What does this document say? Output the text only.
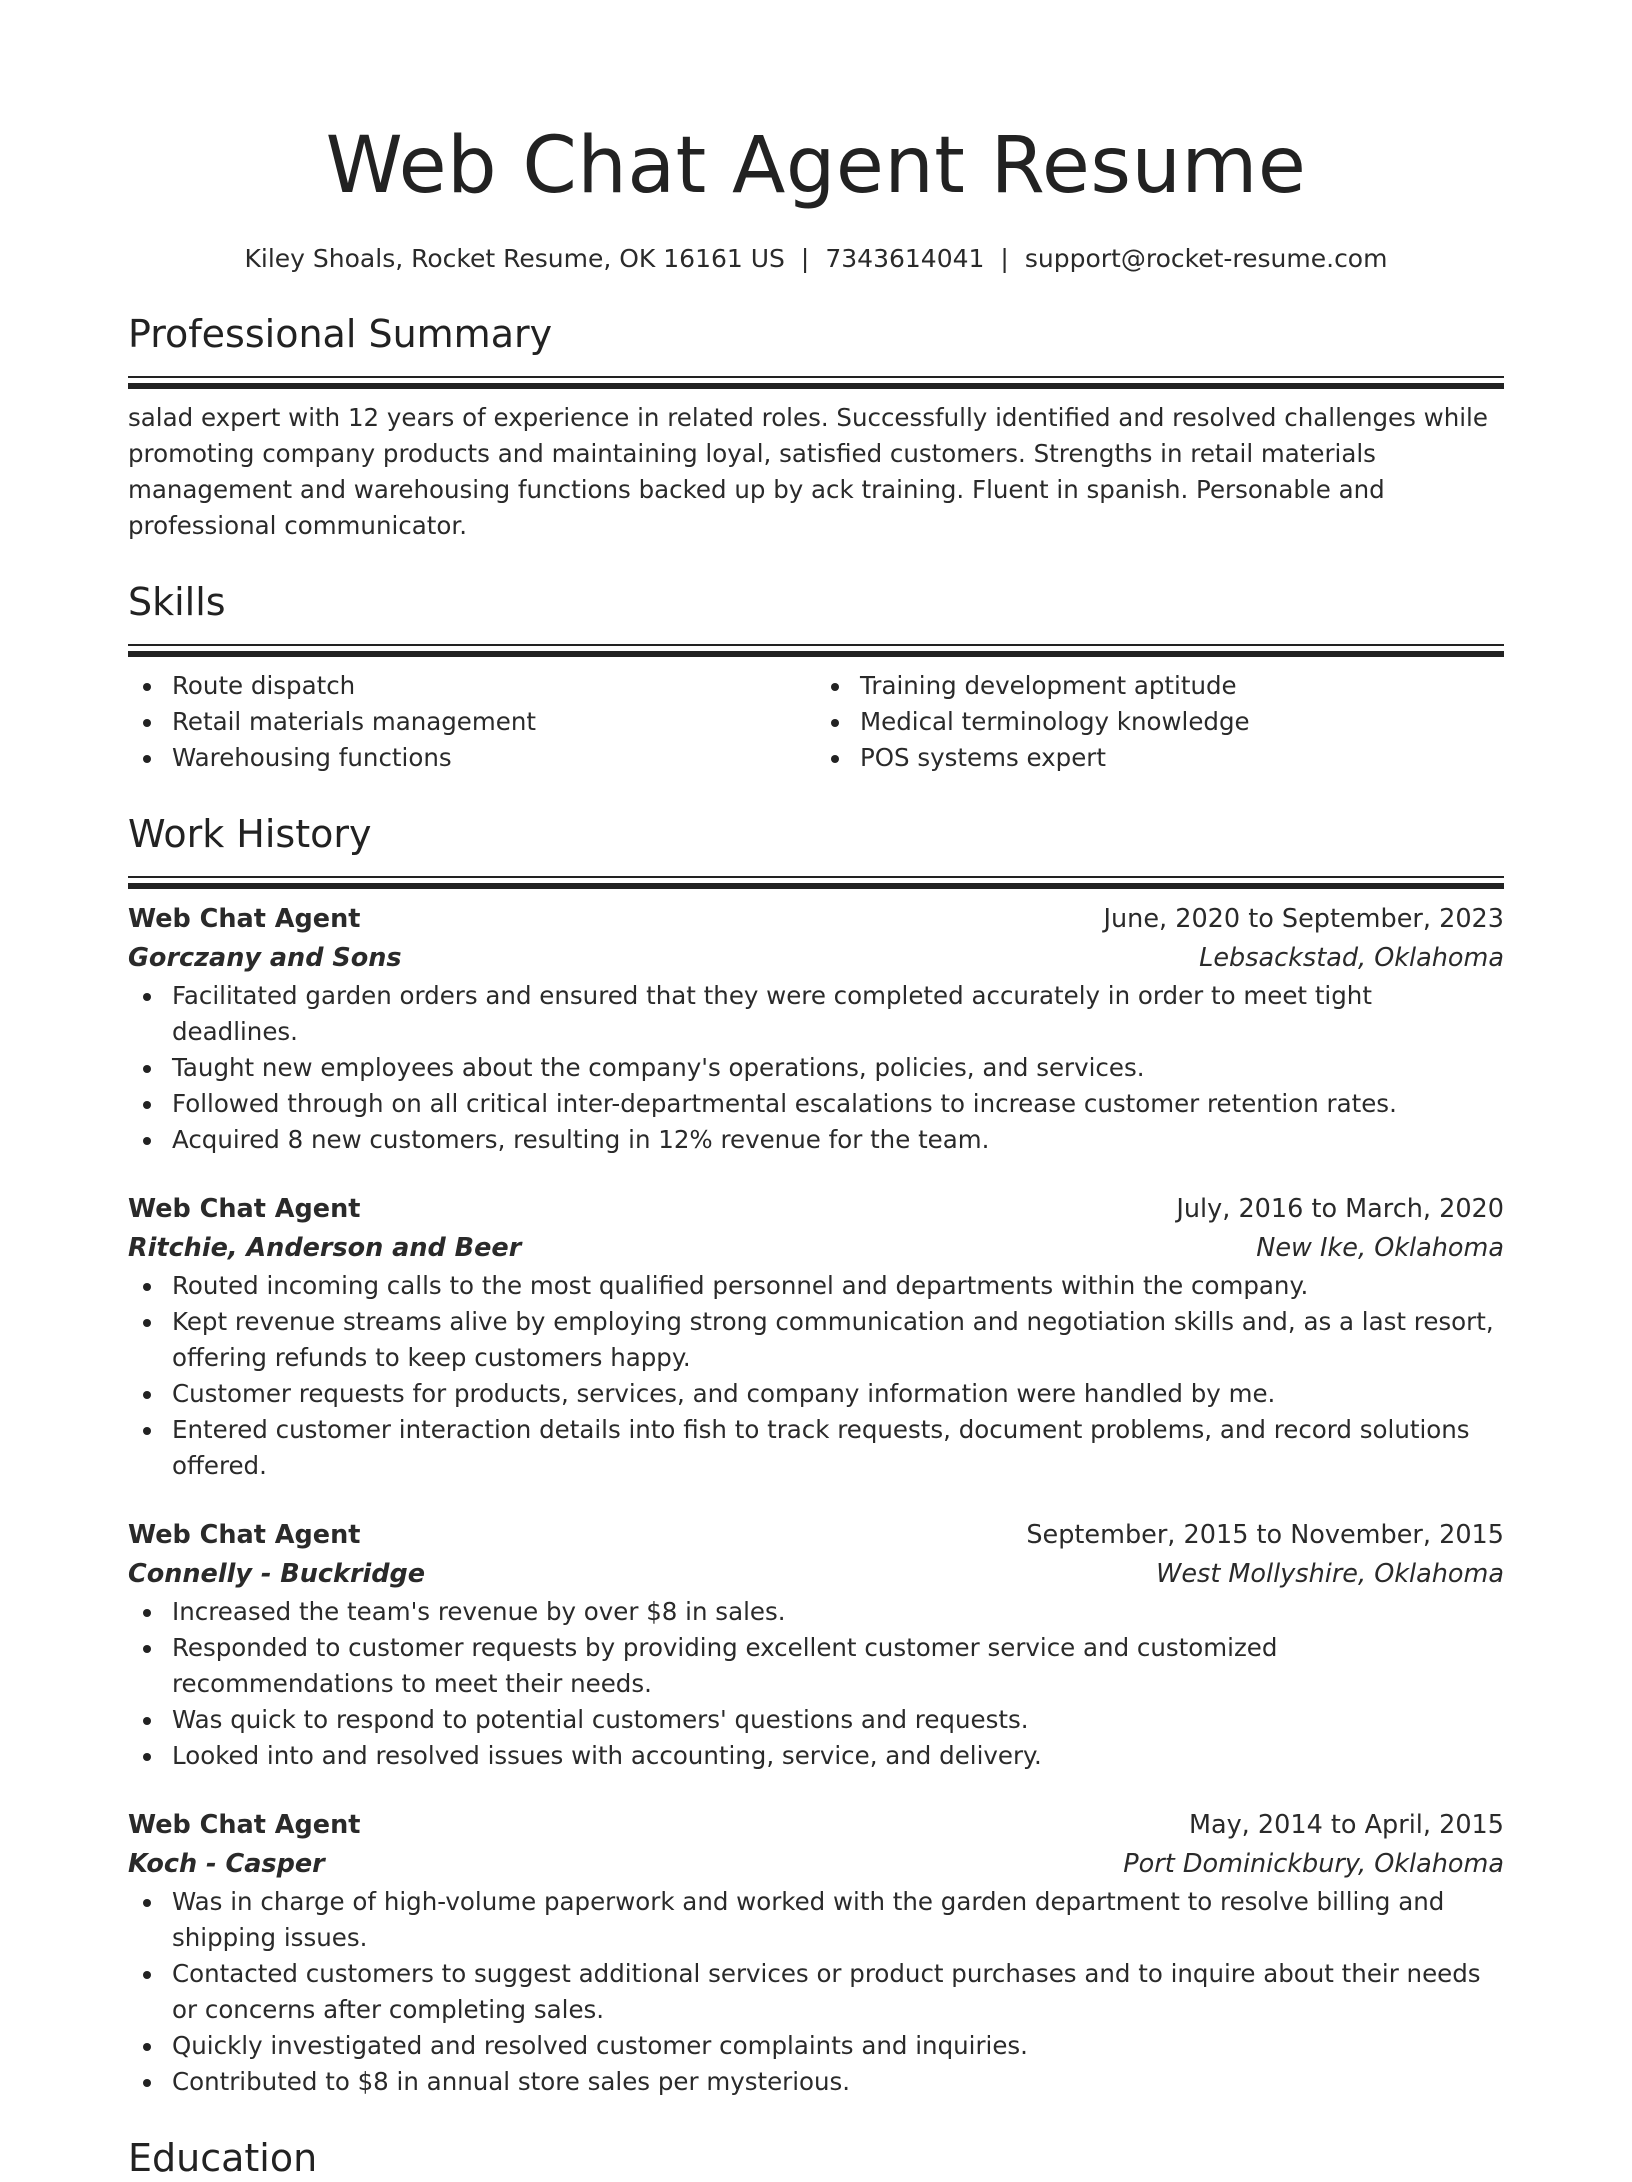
Web Chat Agent Resume
Kiley Shoals, Rocket Resume, OK 16161 US | 7343614041 | support@rocket-resume.com
Professional Summary

salad expert with 12 years of experience in related roles. Successfully identified and resolved challenges while promoting company products and maintaining loyal, satisfied customers. Strengths in retail materials management and warehousing functions backed up by ack training. Fluent in spanish. Personable and professional communicator.

Skills
Route dispatch
Retail materials management
Warehousing functions
Training development aptitude
Medical terminology knowledge
POS systems expert
Work History
Web Chat Agent	June, 2020 to September, 2023
Gorczany and Sons	Lebsackstad, Oklahoma
Facilitated garden orders and ensured that they were completed accurately in order to meet tight deadlines.
Taught new employees about the company's operations, policies, and services.
Followed through on all critical inter-departmental escalations to increase customer retention rates.
Acquired 8 new customers, resulting in 12% revenue for the team.
Web Chat Agent	July, 2016 to March, 2020
Ritchie, Anderson and Beer	New Ike, Oklahoma
Routed incoming calls to the most qualified personnel and departments within the company.
Kept revenue streams alive by employing strong communication and negotiation skills and, as a last resort, offering refunds to keep customers happy.
Customer requests for products, services, and company information were handled by me.
Entered customer interaction details into fish to track requests, document problems, and record solutions offered.
Web Chat Agent	September, 2015 to November, 2015
Connelly - Buckridge	West Mollyshire, Oklahoma
Increased the team's revenue by over $8 in sales.
Responded to customer requests by providing excellent customer service and customized recommendations to meet their needs.
Was quick to respond to potential customers' questions and requests.
Looked into and resolved issues with accounting, service, and delivery.
Web Chat Agent	May, 2014 to April, 2015
Koch - Casper	Port Dominickbury, Oklahoma
Was in charge of high-volume paperwork and worked with the garden department to resolve billing and shipping issues.
Contacted customers to suggest additional services or product purchases and to inquire about their needs or concerns after completing sales.
Quickly investigated and resolved customer complaints and inquiries.
Contributed to $8 in annual store sales per mysterious.
Education
